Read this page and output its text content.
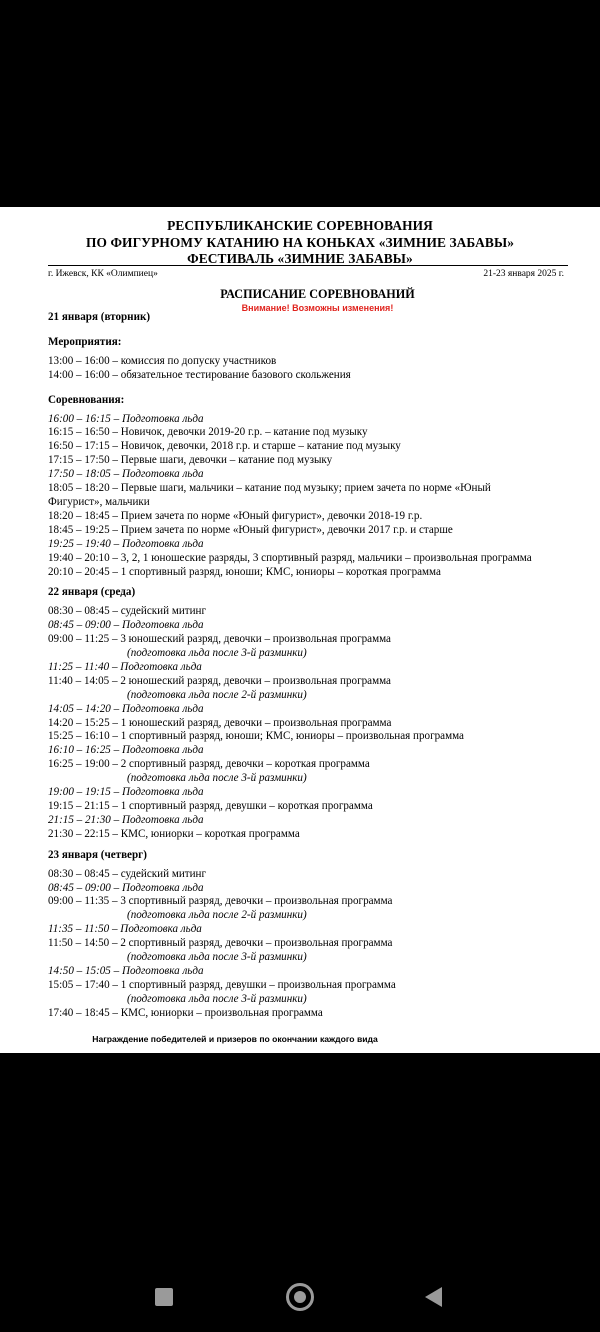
РЕСПУБЛИКАНСКИЕ СОРЕВНОВАНИЯ
ПО ФИГУРНОМУ КАТАНИЮ НА КОНЬКАХ «ЗИМНИЕ ЗАБАВЫ»
ФЕСТИВАЛЬ «ЗИМНИЕ ЗАБАВЫ»
г. Ижевск, КК «Олимпиец»	21-23 января 2025 г.
РАСПИСАНИЕ СОРЕВНОВАНИЙ
Внимание! Возможны изменения!
21 января (вторник)
Мероприятия:
13:00 – 16:00 – комиссия по допуску участников
14:00 – 16:00 – обязательное тестирование базового скольжения
Соревнования:
16:00 – 16:15 – Подготовка льда
16:15 – 16:50 – Новичок, девочки 2019-20 г.р. – катание под музыку
16:50 – 17:15 – Новичок, девочки, 2018 г.р. и старше – катание под музыку
17:15 – 17:50 – Первые шаги, девочки – катание под музыку
17:50 – 18:05 – Подготовка льда
18:05 – 18:20 – Первые шаги, мальчики – катание под музыку; прием зачета по норме «Юный
Фигурист», мальчики
18:20 – 18:45 – Прием зачета по норме «Юный фигурист», девочки 2018-19 г.р.
18:45 – 19:25 – Прием зачета по норме «Юный фигурист», девочки 2017 г.р. и старше
19:25 – 19:40 – Подготовка льда
19:40 – 20:10 – 3, 2, 1 юношеские разряды, 3 спортивный разряд, мальчики – произвольная программа
20:10 – 20:45 – 1 спортивный разряд, юноши; КМС, юниоры – короткая программа
22 января (среда)
08:30 – 08:45 – судейский митинг
08:45 – 09:00 – Подготовка льда
09:00 – 11:25 – 3 юношеский разряд, девочки – произвольная программа
(подготовка льда после 3-й разминки)
11:25 – 11:40 – Подготовка льда
11:40 – 14:05 – 2 юношеский разряд, девочки – произвольная программа
(подготовка льда после 2-й разминки)
14:05 – 14:20 – Подготовка льда
14:20 – 15:25 – 1 юношеский разряд, девочки – произвольная программа
15:25 – 16:10 – 1 спортивный разряд, юноши; КМС, юниоры – произвольная программа
16:10 – 16:25 – Подготовка льда
16:25 – 19:00 – 2 спортивный разряд, девочки – короткая программа
(подготовка льда после 3-й разминки)
19:00 – 19:15 – Подготовка льда
19:15 – 21:15 – 1 спортивный разряд, девушки – короткая программа
21:15 – 21:30 – Подготовка льда
21:30 – 22:15 – КМС, юниорки – короткая программа
23 января (четверг)
08:30 – 08:45 – судейский митинг
08:45 – 09:00 – Подготовка льда
09:00 – 11:35 – 3 спортивный разряд, девочки – произвольная программа
(подготовка льда после 2-й разминки)
11:35 – 11:50 – Подготовка льда
11:50 – 14:50 – 2 спортивный разряд, девочки – произвольная программа
(подготовка льда после 3-й разминки)
14:50 – 15:05 – Подготовка льда
15:05 – 17:40 – 1 спортивный разряд, девушки – произвольная программа
(подготовка льда после 3-й разминки)
17:40 – 18:45 – КМС, юниорки – произвольная программа
Награждение победителей и призеров по окончании каждого вида
